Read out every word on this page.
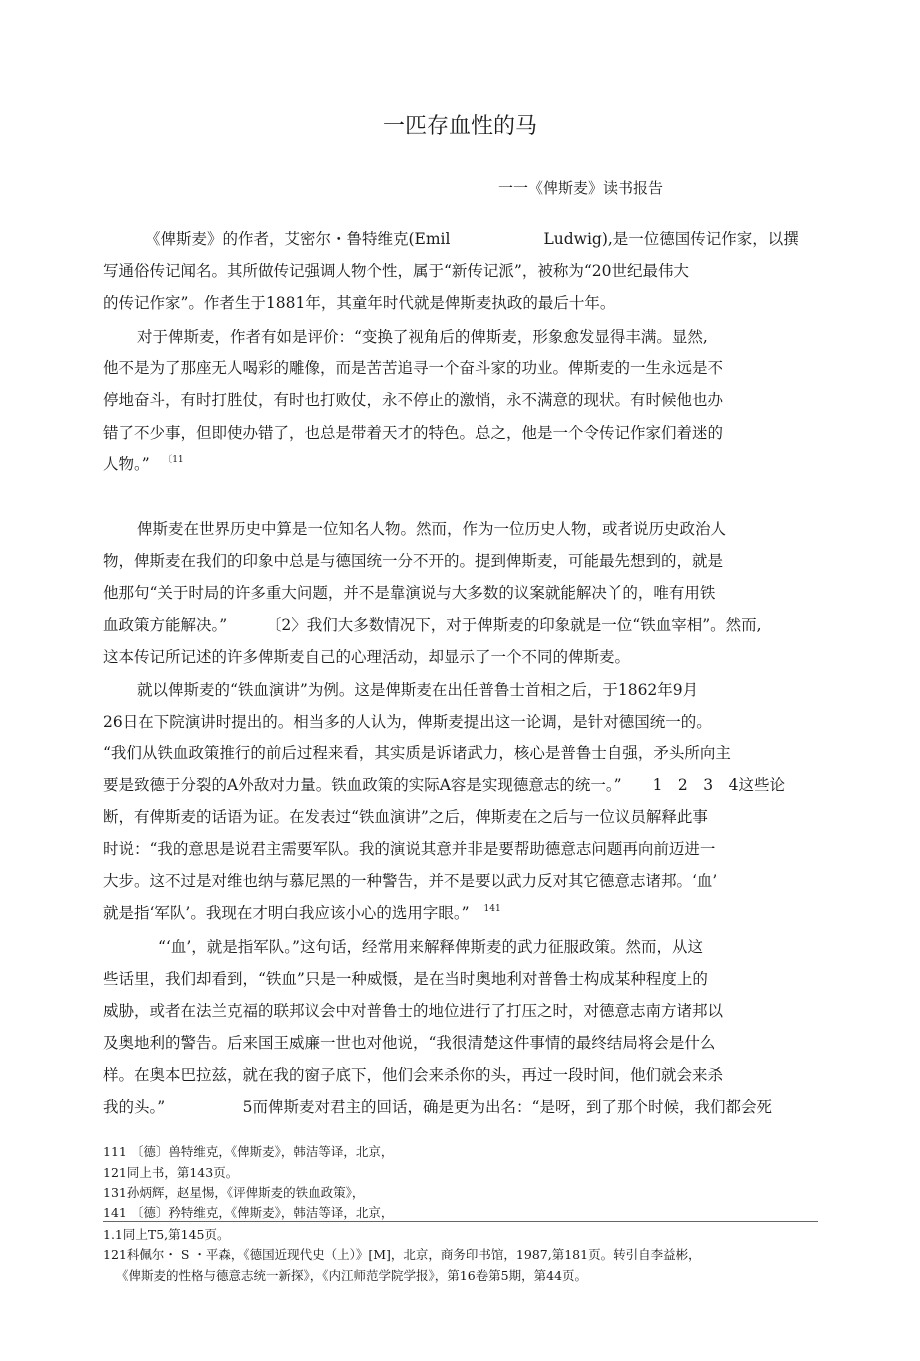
一匹存血性的马
一一《俾斯麦》读书报告
《俾斯麦》的作者，艾密尔・鲁特维克(Emil　　　　　　Ludwig),是一位德国传记作家，以撰
写通俗传记闻名。其所做传记强调人物个性，属于“新传记派”，被称为“20世纪最伟大
的传记作家”。作者生于1881年，其童年时代就是俾斯麦执政的最后十年。
对于俾斯麦，作者有如是评价：“变换了视角后的俾斯麦，形象愈发显得丰满。显然,
他不是为了那座无人喝彩的雕像，而是苦苦追寻一个奋斗家的功业。俾斯麦的一生永远是不
停地奋斗，有时打胜仗，有时也打败仗，永不停止的激悄，永不满意的现状。有时候他也办
错了不少事，但即使办错了，也总是带着天才的特色。总之，他是一个令传记作家们着迷的
人物。” $^{〔11}$
俾斯麦在世界历史中算是一位知名人物。然而，作为一位历史人物，或者说历史政治人
物，俾斯麦在我们的印象中总是与德国统一分不开的。提到俾斯麦，可能最先想到的，就是
他那句“关于时局的许多重大问题，并不是靠演说与大多数的议案就能解决丫的，唯有用铁
血政策方能解决。”　　　〔2〉我们大多数情况下，对于俾斯麦的印象就是一位“铁血宰相”。然而,
这本传记所记述的许多俾斯麦自己的心理活动，却显示了一个不同的俾斯麦。
就以俾斯麦的“铁血演讲”为例。这是俾斯麦在出任普鲁士首相之后，于1862年9月
26日在下院演讲时提出的。相当多的人认为，俾斯麦提出这一论调，是针对德国统一的。
“我们从铁血政策推行的前后过程来看，其实质是诉诸武力，核心是普鲁士自强，矛头所向主
要是致德于分裂的A外敌对力量。铁血政策的实际A容是实现德意志的统一。”　　1　2　3　4这些论
断，有俾斯麦的话语为证。在发表过“铁血演讲”之后，俾斯麦在之后与一位议员解释此事
时说：“我的意思是说君主需要军队。我的演说其意并非是要帮助德意志问题再向前迈进一
大步。这不过是对维也纳与慕尼黑的一种警告，并不是要以武力反对其它德意志诸邦。‘血’
就是指‘军队’。我现在才明白我应该小心的选用字眼。” $^{141}$
“‘血’，就是指军队。”这句话，经常用来解释俾斯麦的武力征服政策。然而，从这
些话里，我们却看到，“铁血”只是一种威慑，是在当时奥地利对普鲁士构成某种程度上的
威胁，或者在法兰克福的联邦议会中对普鲁士的地位进行了打压之时，对德意志南方诸邦以
及奥地利的警告。后来国王威廉一世也对他说，“我很清楚这件事情的最终结局将会是什么
样。在奥本巴拉兹，就在我的窗子底下，他们会来杀你的头，再过一段时间，他们就会来杀
我的头。”　　　　　5而俾斯麦对君主的回话，确是更为出名：“是呀，到了那个时候，我们都会死
111 〔德〕兽特维克，《俾斯麦》，韩洁等译，北京，
121同上书，第143页。
131孙炳辉，赵星惕，《评俾斯麦的铁血政策》，
141 〔德〕矜特维克，《俾斯麦》，韩洁等译，北京，
1.1同上T5,第145页。
121科佩尔・ S ・平森，《德国近现代史（上）》[M]，北京，商务印书馆，1987,第181页。转引自李益彬，
《俾斯麦的性格与德意志统一新探》，《内江师范学院学报》，第16卷第5期，第44页。
